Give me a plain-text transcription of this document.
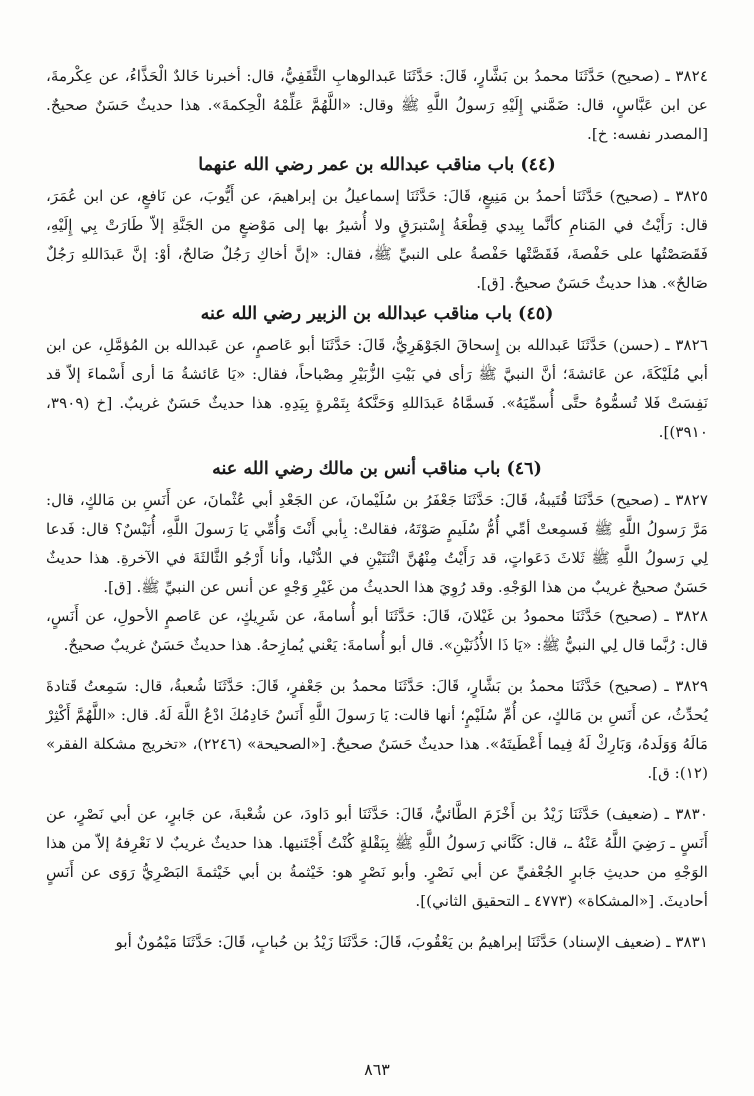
٣٨٢٤ ـ (صحيح) حَدَّثَنَا محمدُ بن بَشَّارٍ، قَالَ: حَدَّثَنَا عَبدالوهابِ الثَّقَفِيُّ، قال: أخبرنا خَالدٌ الْحَذَّاءُ، عن عِكْرمةَ، عن ابن عَبَّاسٍ، قال: ضَمَّني إِلَيْهِ رَسولُ اللَّهِ ﷺ وقال: «اللَّهُمَّ عَلِّمْهُ الْحِكمةَ». هذا حديثٌ حَسَنٌ صحيحٌ. [المصدر نفسه: خ].

(٤٤) باب مناقب عبدالله بن عمر رضي الله عنهما

٣٨٢٥ ـ (صحيح) حَدَّثَنَا أحمدُ بن مَنِيعٍ، قَالَ: حَدَّثَنَا إسماعيلُ بن إبراهيمَ، عن أَيُّوبَ، عن نَافعٍ، عن ابن عُمَرَ، قال: رَأَيْتُ في المَنامِ كأنَّما بِيدي قِطْعَةُ إِسْتبرَقٍ ولا أُشيرُ بها إلى مَوْضعٍ من الجَنَّةِ إلاّ طَارَتْ بِي إِلَيْهِ، فَقَصَصْتُها على حَفْصةَ، فَقَصَّتْها حَفْصةُ على النبيِّ ﷺ، فقال: «إنَّ أخاكِ رَجُلٌ صَالحٌ، أوْ: إنَّ عَبدَاللهِ رَجُلٌ صَالحٌ». هذا حديثٌ حَسَنٌ صحيحٌ. [ق].

(٤٥) باب مناقب عبدالله بن الزبير رضي الله عنه

٣٨٢٦ ـ (حسن) حَدَّثَنَا عَبدالله بن إِسحاقَ الجَوْهَرِيُّ، قَالَ: حَدَّثَنَا أبو عَاصمٍ، عن عَبدالله بن المُؤمَّلِ، عن ابن أبي مُلَيْكَةَ، عن عَائشةَ؛ أنَّ النبيَّ ﷺ رَأى في بَيْتِ الزُّبَيْرِ مِصْباحاً، فقال: «يَا عَائشةُ مَا أرى أَسْماءَ إلاّ قد نَفِسَتْ فَلا تُسمُّوهُ حتَّى أُسمِّيَهُ». فَسمَّاهُ عَبدَاللهِ وَحَنَّكهُ بِتَمْرةٍ بِيَدِهِ. هذا حديثٌ حَسَنٌ غريبٌ. [خ (٣٩٠٩، ٣٩١٠)].

(٤٦) باب مناقب أنس بن مالك رضي الله عنه

٣٨٢٧ ـ (صحيح) حَدَّثَنَا قُتَيبةُ، قَالَ: حَدَّثَنَا جَعْفَرُ بن سُلَيْمانَ، عن الجَعْدِ أبي عُثْمانَ، عن أَنَسِ بن مَالكٍ، قال: مَرَّ رَسولُ اللَّهِ ﷺ فَسمِعتْ أمِّي أُمُّ سُلَيمٍ صَوْتَهُ، فقالتْ: بِأبي أَنْتَ وَأُمِّي يَا رَسولَ اللَّهِ، أُنَيْسٌ؟ قال: فَدعا لِي رَسولُ اللَّهِ ﷺ ثَلاثَ دَعَواتٍ، قد رَأَيْتُ مِنْهُنَّ اثْنَتَيْنِ في الدُّنْيا، وأنا أَرْجُو الثَّالثَةَ في الآخرةِ. هذا حديثٌ حَسَنٌ صحيحٌ غريبٌ من هذا الوَجْهِ. وقد رُوِيَ هذا الحديثُ من غَيْرِ وَجْهٍ عن أنس عن النبيِّ ﷺ. [ق].

٣٨٢٨ ـ (صحيح) حَدَّثَنَا محمودُ بن غَيْلانَ، قَالَ: حَدَّثَنَا أبو أُسامةَ، عن شَرِيكٍ، عن عَاصمٍ الأحولِ، عن أَنَسٍ، قال: رُبَّما قال لِي النبيُّ ﷺ: «يَا ذَا الأُذُنَيْنِ». قال أبو أُسامةَ: يَعْني يُمازِحهُ. هذا حديثٌ حَسَنٌ غريبٌ صحيحٌ.

٣٨٢٩ ـ (صحيح) حَدَّثَنَا محمدُ بن بَشَّارٍ، قَالَ: حَدَّثَنَا محمدُ بن جَعْفرٍ، قَالَ: حَدَّثَنَا شُعبةُ، قال: سَمِعتُ قَتادةَ يُحدِّثُ، عن أَنَسِ بن مَالكٍ، عن أُمِّ سُلَيْمٍ؛ أنها قالت: يَا رَسولَ اللَّهِ أَنَسٌ خَادِمُكَ ادْعُ اللَّهَ لَهُ. قال: «اللَّهُمَّ أَكْثِرْ مَالَهُ وَوَلَدهُ، وَبَارِكْ لَهُ فِيما أَعْطَيتَهُ». هذا حديثٌ حَسَنٌ صحيحٌ. [«الصحيحة» (٢٢٤٦)، «تخريج مشكلة الفقر» (١٢): ق].

٣٨٣٠ ـ (ضعيف) حَدَّثَنَا زَيْدُ بن أَخْزَمَ الطَّائيُّ، قَالَ: حَدَّثَنَا أبو دَاودَ، عن شُعْبةَ، عن جَابرٍ، عن أبي نَصْرٍ، عن أَنَسٍ ـ رَضِيَ اللَّهُ عَنْهُ ـ، قال: كَنَّاني رَسولُ اللَّهِ ﷺ بِبَقْلةٍ كُنْتُ أَجْتَنيها. هذا حديثٌ غريبٌ لا نَعْرِفهُ إلاّ من هذا الوَجْهِ من حديثِ جَابرٍ الجُعْفيِّ عن أبي نَصْرٍ. وأبو نَصْرٍ هو: خَيْثمةُ بن أبي خَيْثمةَ البَصْرِيُّ رَوَى عن أَنَسٍ أحاديثَ. [«المشكاة» (٤٧٧٣ ـ التحقيق الثاني)].

٣٨٣١ ـ (ضعيف الإسناد) حَدَّثَنَا إبراهيمُ بن يَعْقُوبَ، قَالَ: حَدَّثَنَا زَيْدُ بن حُبابٍ، قَالَ: حَدَّثَنَا مَيْمُونٌ أبو

٨٦٣
